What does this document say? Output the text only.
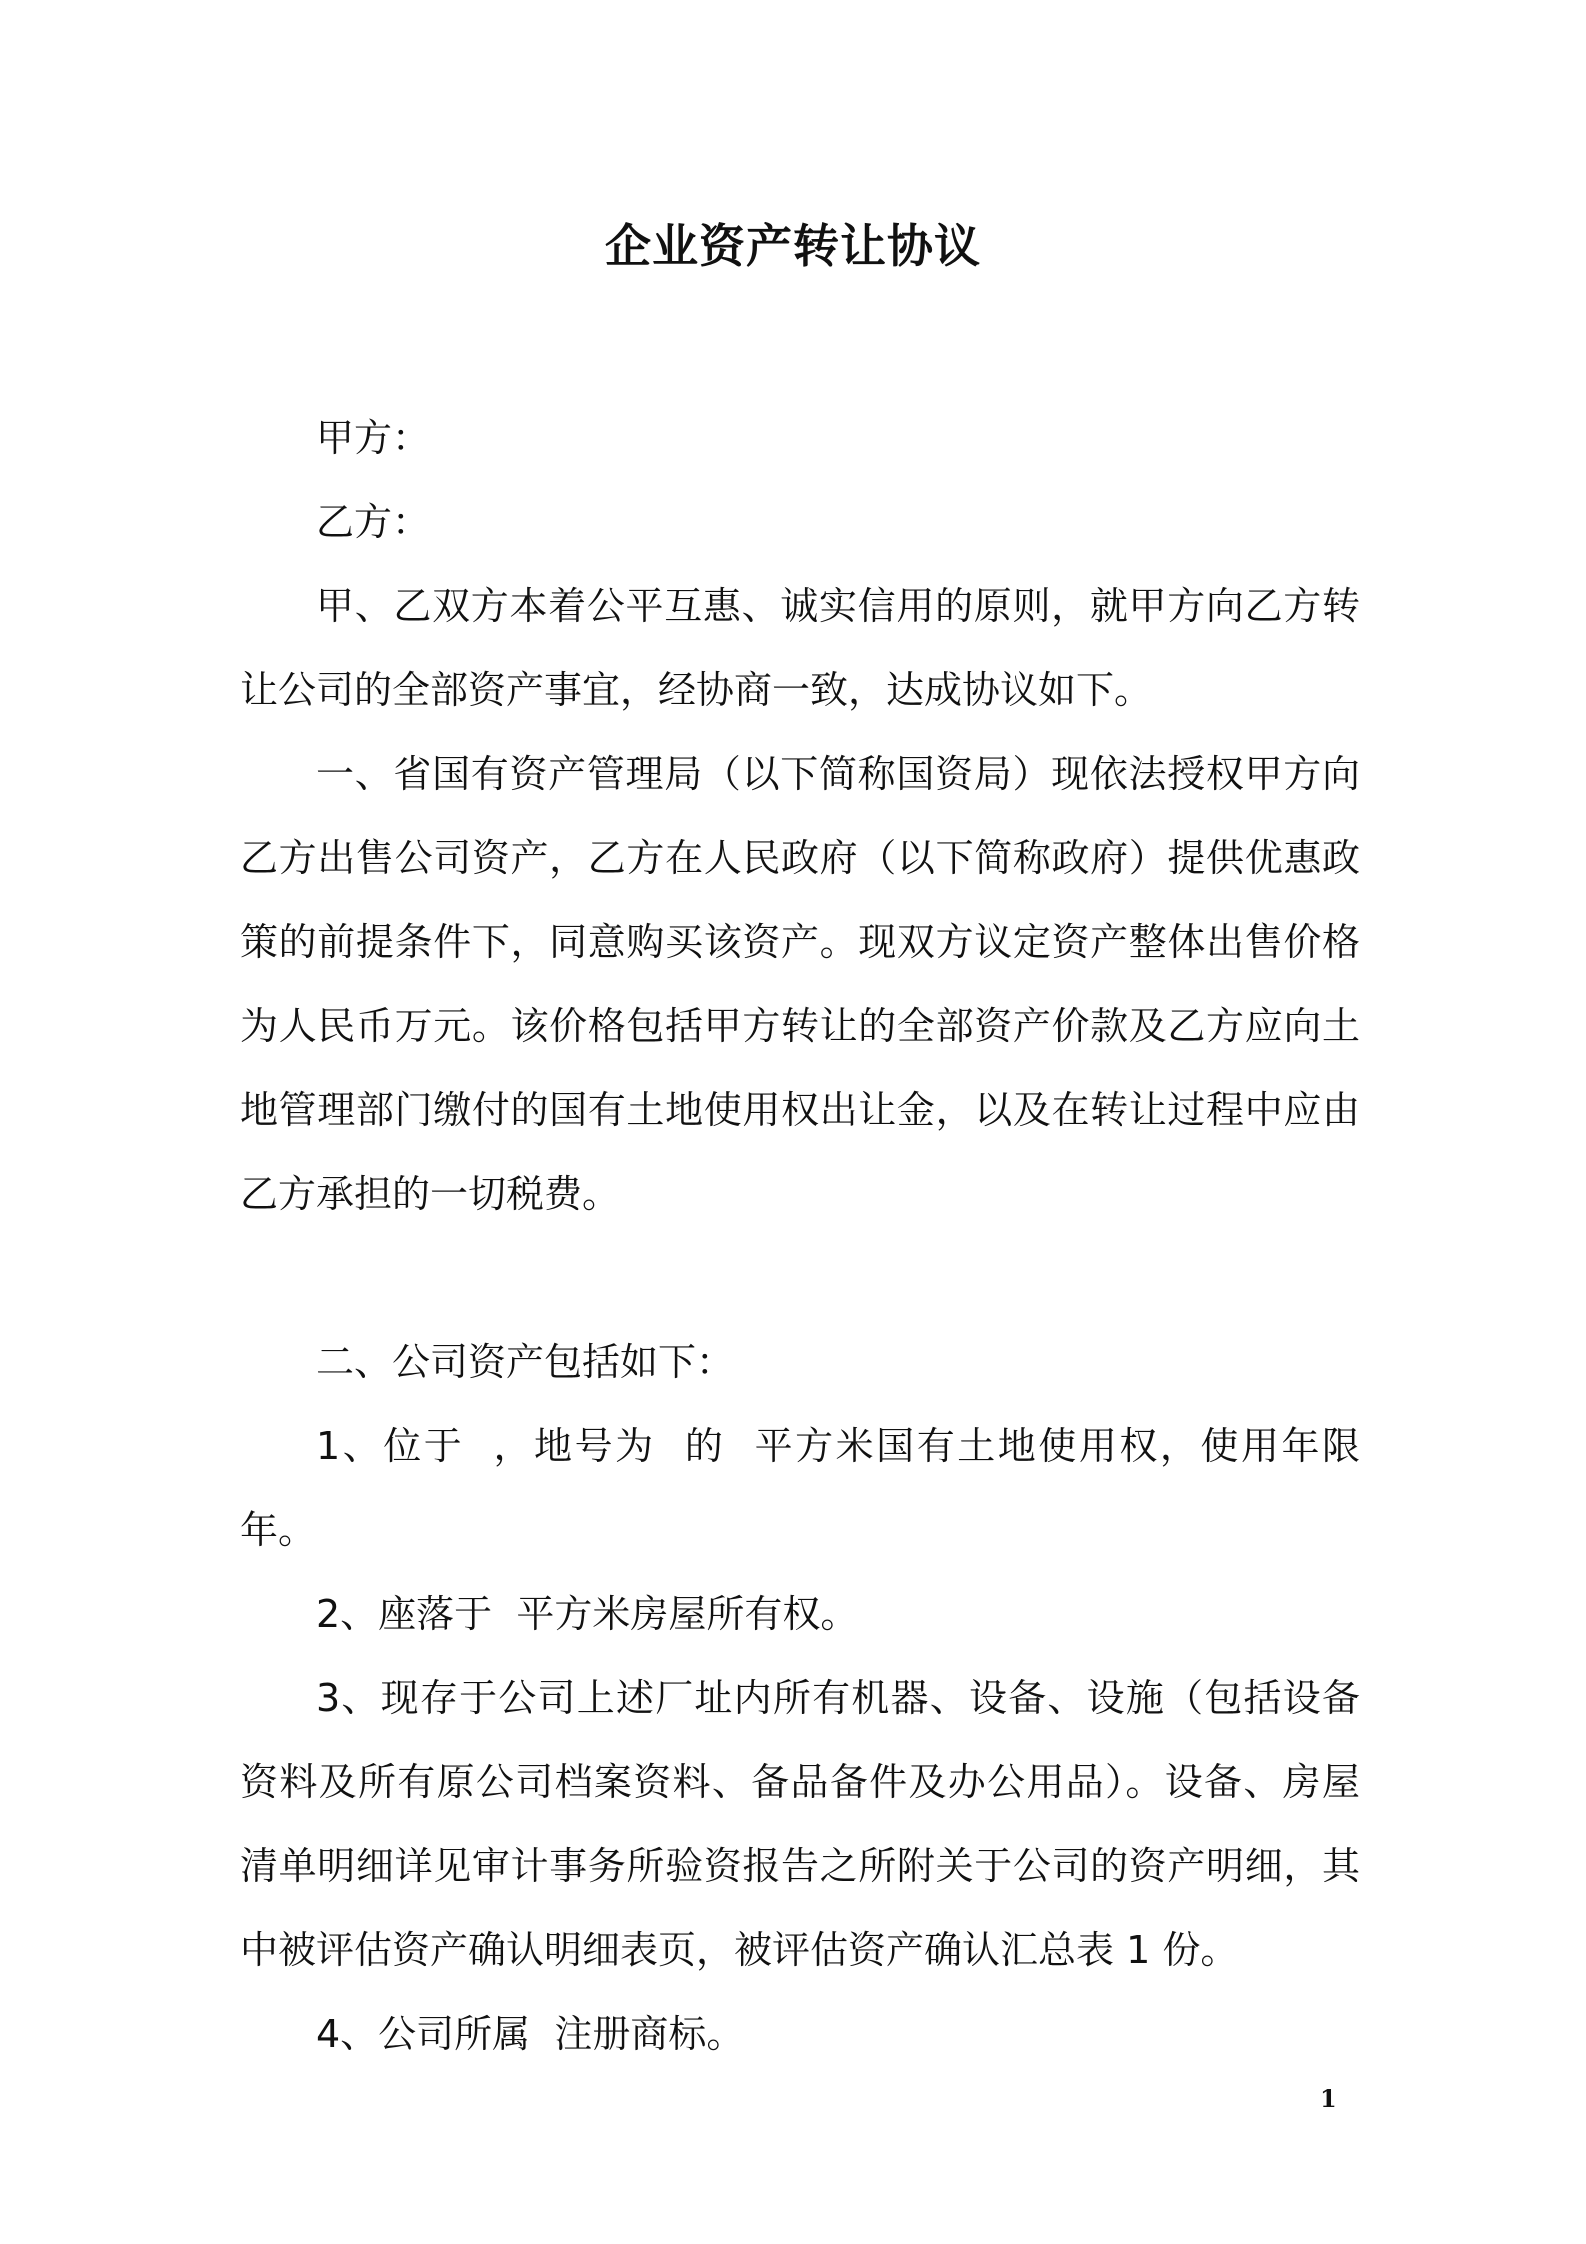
企业资产转让协议

甲方：

乙方：

甲、乙双方本着公平互惠、诚实信用的原则，就甲方向乙方转让公司的全部资产事宜，经协商一致，达成协议如下。

一、省国有资产管理局（以下简称国资局）现依法授权甲方向乙方出售公司资产，乙方在人民政府（以下简称政府）提供优惠政策的前提条件下，同意购买该资产。现双方议定资产整体出售价格为人民币万元。该价格包括甲方转让的全部资产价款及乙方应向土地管理部门缴付的国有土地使用权出让金，以及在转让过程中应由乙方承担的一切税费。

二、公司资产包括如下：

1、位于  ，地号为  的  平方米国有土地使用权，使用年限年。

2、座落于  平方米房屋所有权。

3、现存于公司上述厂址内所有机器、设备、设施（包括设备资料及所有原公司档案资料、备品备件及办公用品）。设备、房屋清单明细详见审计事务所验资报告之所附关于公司的资产明细，其中被评估资产确认明细表页，被评估资产确认汇总表 1 份。

4、公司所属  注册商标。

1
